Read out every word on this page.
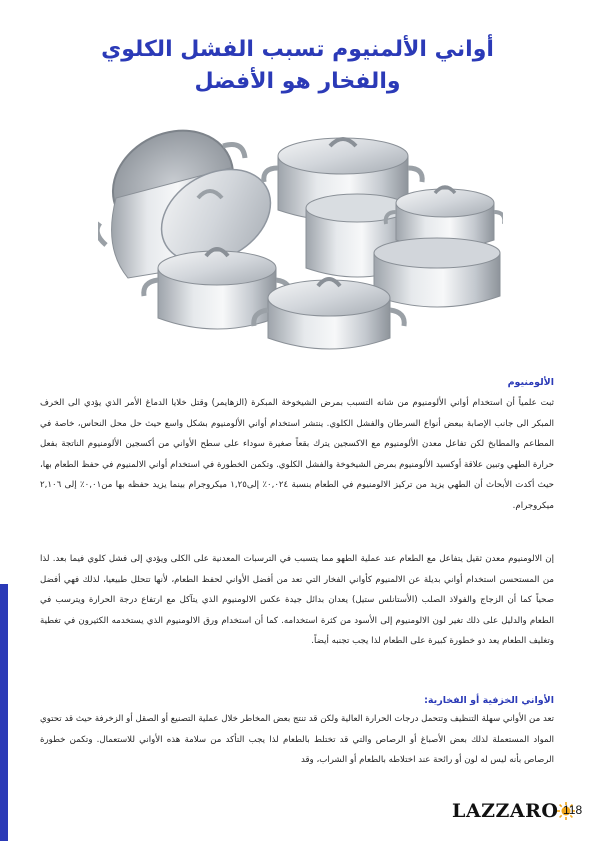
أواني الألمنيوم تسبب الفشل الكلوي
والفخار هو الأفضل
الألومنيوم

ثبت علمياً أن استخدام أواني الألومنيوم من شانه التسبب بمرض الشيخوخة المبكرة (الزهايمر) وقتل خلايا الدماغ الأمر الذي يؤدي الى الخرف المبكر الى جانب الإصابة ببعض أنواع السرطان والفشل الكلوي. ينتشر استخدام أواني الألومنيوم بشكل واسع حيث حل محل النحاس، خاصة في المطاعم والمطابخ لكن تفاعل معدن الألومنيوم مع الاكسجين يترك بقعاً صغيرة سوداء على سطح الأواني من أكسجين الألومنيوم الناتجة بفعل حرارة الطهي وتبين علاقة أوكسيد الألومنيوم بمرض الشيخوخة والفشل الكلوي. وتكمن الخطورة في استخدام أواني الالمنيوم في حفظ الطعام بها، حيث أكدت الأبحاث أن الطهي يزيد من تركيز الالومنيوم في الطعام بنسبة ٠,٠٢٤٪ إلى١,٢٥ ميكروجرام بينما يزيد حفظه بها من٠,٠١٪ إلى ٢,١٠٦ ميكروجرام.

إن الالومنيوم معدن ثقيل يتفاعل مع الطعام عند عملية الطهو مما يتسبب في الترسبات المعدنية على الكلى ويؤدي إلى فشل كلوي فيما بعد. لذا من المستحسن استخدام أواني بديلة عن الالمنيوم كأواني الفخار التي تعد من أفضل الأواني لحفظ الطعام، لأنها تتحلل طبيعيا، لذلك فهي أفضل صحياً كما أن الزجاج والفولاذ الصلب (الأستانلس ستيل) يعدان بدائل جيدة عكس الالومنيوم الذي يتآكل مع ارتفاع درجة الحرارة ويترسب في الطعام والدليل على ذلك تغير لون الالومنيوم إلى الأسود من كثرة استخدامه. كما أن استخدام ورق الالومنيوم الذي يستخدمه الكثيرون في تغطية وتغليف الطعام يعد ذو خطورة كبيرة على الطعام لذا يجب تجنبه أيضاً.

الأواني الخزفية أو الفخارية:

تعد من الأواني سهلة التنظيف وتتحمل درجات الحرارة العالية ولكن قد تنتج بعض المخاطر خلال عملية التصنيع أو الصقل أو الزخرفة حيث قد تحتوي المواد المستعملة لذلك بعض الأصباغ أو الرصاص والتي قد تختلط بالطعام لذا يجب التأكد من سلامة هذه الأواني للاستعمال. وتكمن خطورة الرصاص بأنه ليس له لون أو رائحة عند اختلاطه بالطعام أو الشراب، وقد

LAZZARO 118
